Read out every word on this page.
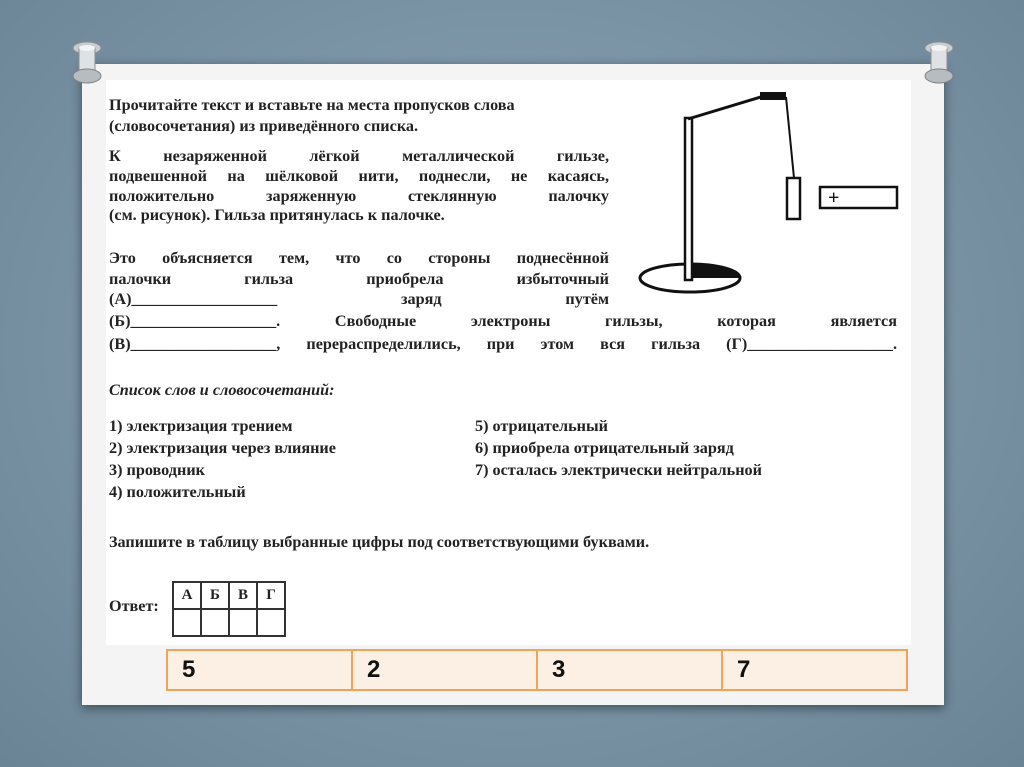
Прочитайте текст и вставьте на места пропусков слова
(словосочетания) из приведённого списка.
К незаряженной лёгкой металлической гильзе,
подвешенной на шёлковой нити, поднесли, не касаясь,
положительно заряженную стеклянную палочку
(см. рисунок). Гильза притянулась к палочке.
Это объясняется тем, что со стороны поднесённой
палочки гильза приобрела избыточный
(А)__________________ заряд путём
(Б)__________________. Свободные электроны гильзы, которая является
(В)__________________, перераспределились, при этом вся гильза (Г)__________________.
+
Список слов и словосочетаний:
1) электризация трением
2) электризация через влияние
3) проводник
4) положительный
5) отрицательный
6) приобрела отрицательный заряд
7) осталась электрически нейтральной
Запишите в таблицу выбранные цифры под соответствующими буквами.
Ответ:
А	Б	В	Г

5	2	3	7
